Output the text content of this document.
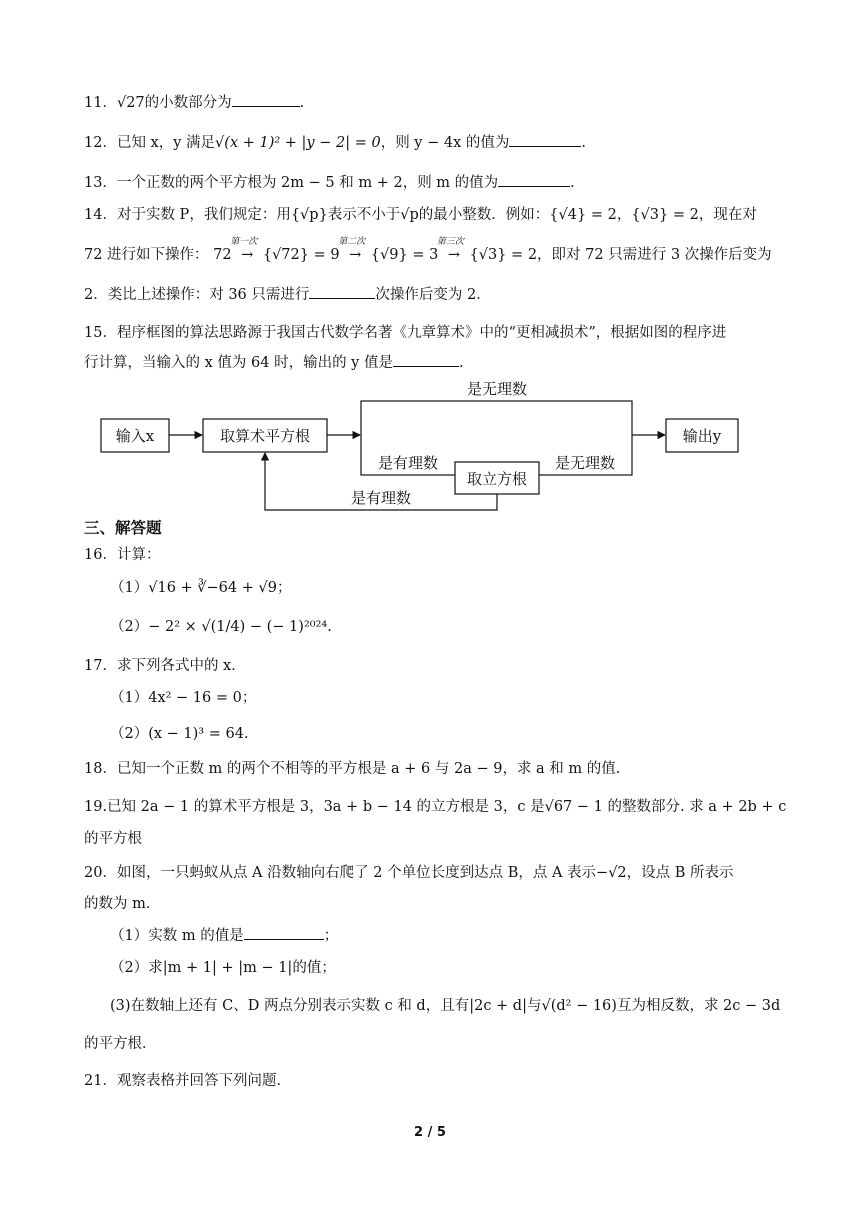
11．√27的小数部分为	.
12．已知 x，y 满足√(x + 1)² + |y − 2| = 0，则 y − 4x 的值为	.
13．一个正数的两个平方根为 2m − 5 和 m + 2，则 m 的值为	.
14．对于实数 P，我们规定：用{√p}表示不小于√p的最小整数．例如：{√4} = 2，{√3} = 2，现在对
72 进行如下操作： 72
第一次
→ {√72} = 9
第二次
→ {√9} = 3
第三次
→ {√3} = 2，即对 72 只需进行 3 次操作后变为
2．类比上述操作：对 36 只需进行	次操作后变为 2．
15．程序框图的算法思路源于我国古代数学名著《九章算术》中的“更相减损术”，根据如图的程序进
行计算，当输入的 x 值为 64 时，输出的 y 值是	.
输入x	取算术平方根
取立方根
输出y
是无理数
是有理数	是无理数
是有理数
三、解答题
16．计算：
（1）√16 + ∛−64 + √9；
（2）− 2² × √(1/4) − (− 1)²⁰²⁴.
17．求下列各式中的 x．
（1）4x² − 16 = 0；
（2）(x − 1)³ = 64.
18．已知一个正数 m 的两个不相等的平方根是 a + 6 与 2a − 9，求 a 和 m 的值.
19.已知 2a − 1 的算术平方根是 3，3a + b − 14 的立方根是 3，c 是√67 − 1 的整数部分. 求 a + 2b + c
的平方根
20．如图，一只蚂蚁从点 A 沿数轴向右爬了 2 个单位长度到达点 B，点 A 表示−√2，设点 B 所表示
的数为 m．
（1）实数 m 的值是	；
（2）求|m + 1| + |m − 1|的值；
(3)在数轴上还有 C、D 两点分别表示实数 c 和 d，且有|2c + d|与√(d² − 16)互为相反数，求 2c − 3d
的平方根．
21．观察表格并回答下列问题.
2 / 5
